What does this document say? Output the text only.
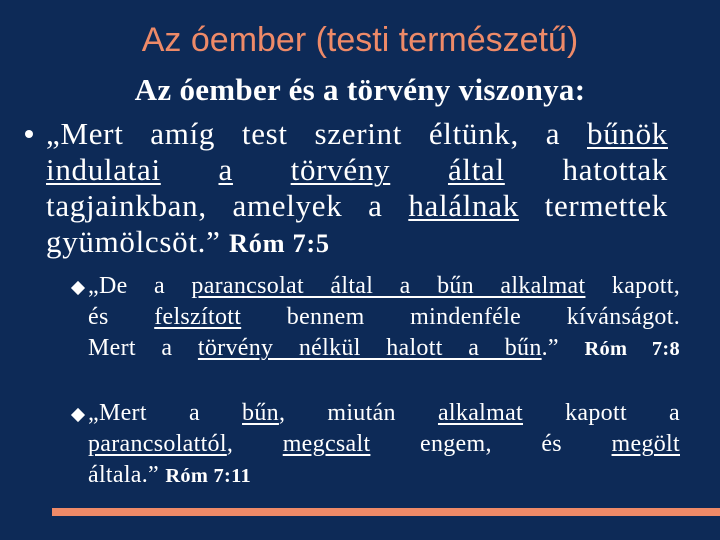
Az óember (testi természetű)
Az óember és a törvény viszonya:
„Mert amíg test szerint éltünk, a bűnök
indulatai a törvény által hatottak
tagjainkban, amelyek a halálnak termettek
gyümölcsöt.” Róm 7:5
„De a parancsolat által a bűn alkalmat kapott,
és felszított bennem mindenféle kívánságot.
Mert a törvény nélkül halott a bűn.” Róm 7:8
„Mert a bűn, miután alkalmat kapott a
parancsolattól, megcsalt engem, és megölt
általa.” Róm 7:11
